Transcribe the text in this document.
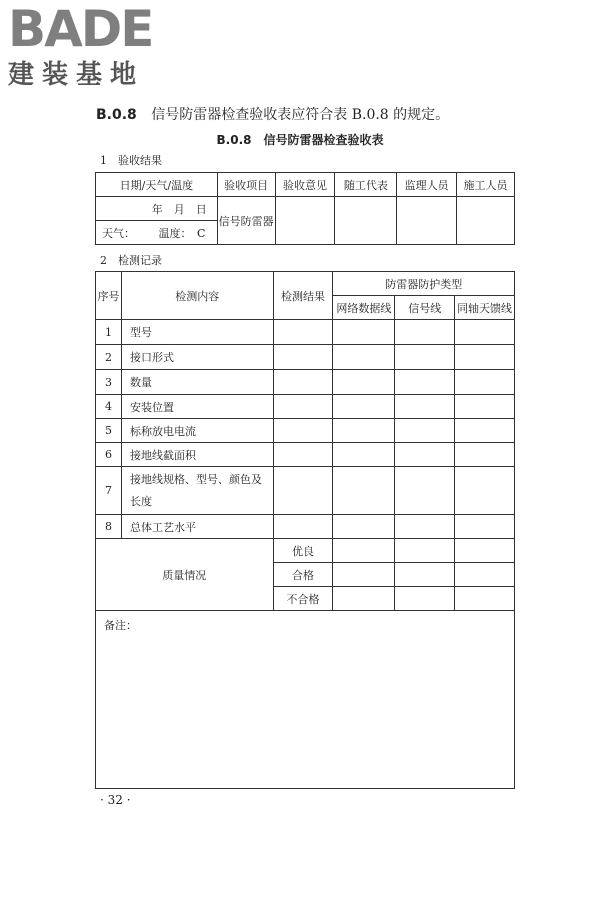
BADE
建装基地
B.0.8 信号防雷器检查验收表应符合表 B.0.8 的规定。
B.0.8　信号防雷器检查验收表
1　验收结果
日期/天气/温度	验收项目	验收意见	随工代表	监理人员	施工人员
年　月　日	信号防雷器				
天气： 温度：　C					
2　检测记录
序号	检测内容	检测结果	防雷器防护类型		
			网络数据线	信号线	同轴天馈线
1	型号				
2	接口形式				
3	数量				
4	安装位置				
5	标称放电电流				
6	接地线截面积				
7	接地线规格、型号、颜色及长度				
8	总体工艺水平				
质量情况		优良			
		合格			
		不合格			
备注：					
· 32 ·
